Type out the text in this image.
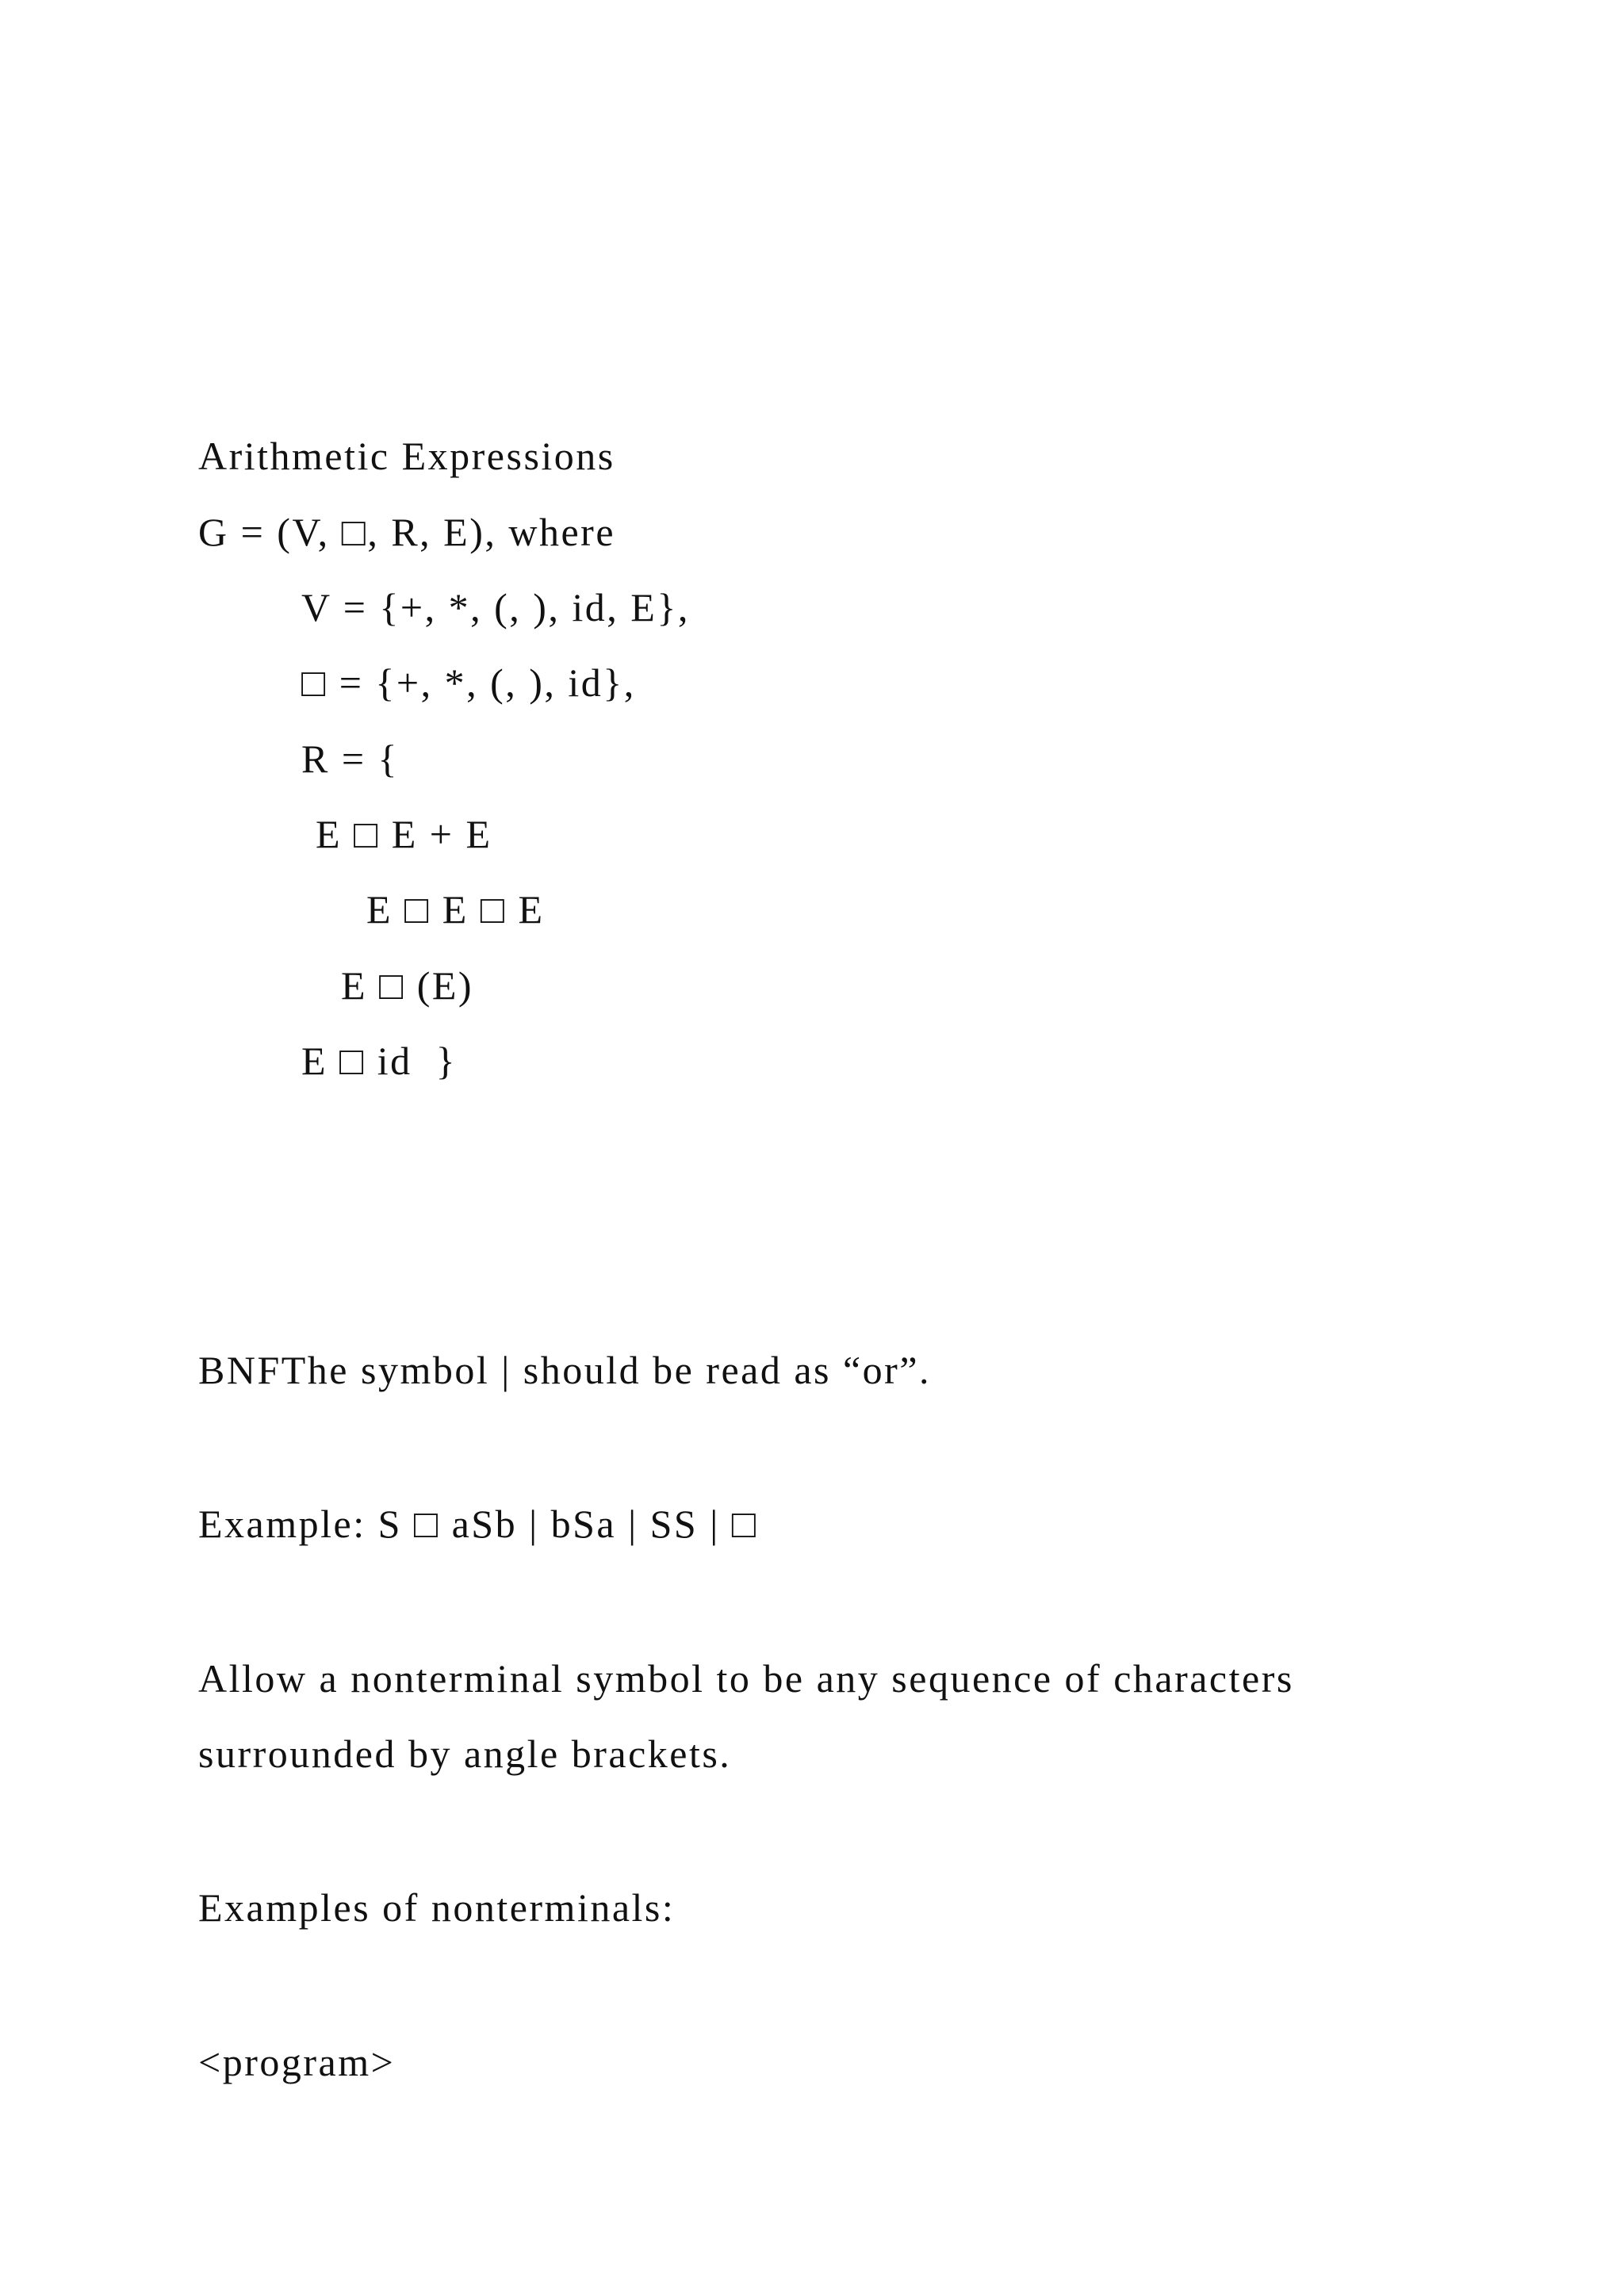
Arithmetic Expressions
G = (V, □, R, E), where
V = {+, *, (, ), id, E},
□ = {+, *, (, ), id},
R = {
E □ E + E
E □ E □ E
E □ (E)
E □ id  }
BNFThe symbol | should be read as “or”.
Example: S □ aSb | bSa | SS | □
Allow a nonterminal symbol to be any sequence of characters
surrounded by angle brackets.
Examples of nonterminals:
<program>
